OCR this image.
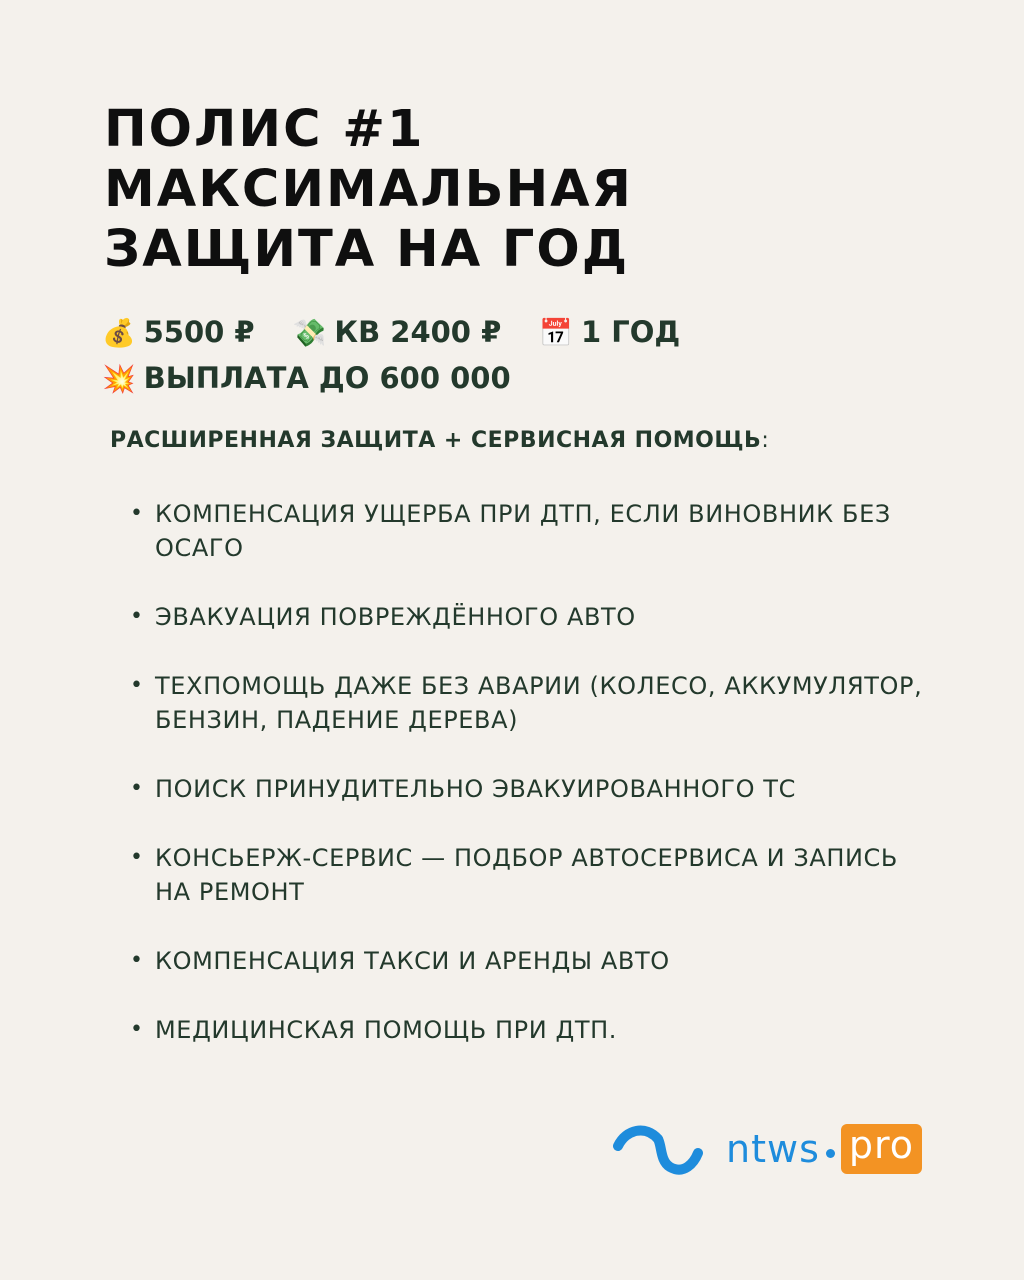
ПОЛИС #1
МАКСИМАЛЬНАЯ
ЗАЩИТА НА ГОД
💰 5500 ₽ 💸 КВ 2400 ₽ 📅 1 ГОД
💥 ВЫПЛАТА ДО 600 000
РАСШИРЕННАЯ ЗАЩИТА + СЕРВИСНАЯ ПОМОЩЬ:
• КОМПЕНСАЦИЯ УЩЕРБА ПРИ ДТП, ЕСЛИ ВИНОВНИК БЕЗ ОСАГО
• ЭВАКУАЦИЯ ПОВРЕЖДЁННОГО АВТО
• ТЕХПОМОЩЬ ДАЖЕ БЕЗ АВАРИИ (КОЛЕСО, АККУМУЛЯТОР, БЕНЗИН, ПАДЕНИЕ ДЕРЕВА)
• ПОИСК ПРИНУДИТЕЛЬНО ЭВАКУИРОВАННОГО ТС
• КОНСЬЕРЖ-СЕРВИС — ПОДБОР АВТОСЕРВИСА И ЗАПИСЬ НА РЕМОНТ
• КОМПЕНСАЦИЯ ТАКСИ И АРЕНДЫ АВТО
• МЕДИЦИНСКАЯ ПОМОЩЬ ПРИ ДТП.
ntws pro
